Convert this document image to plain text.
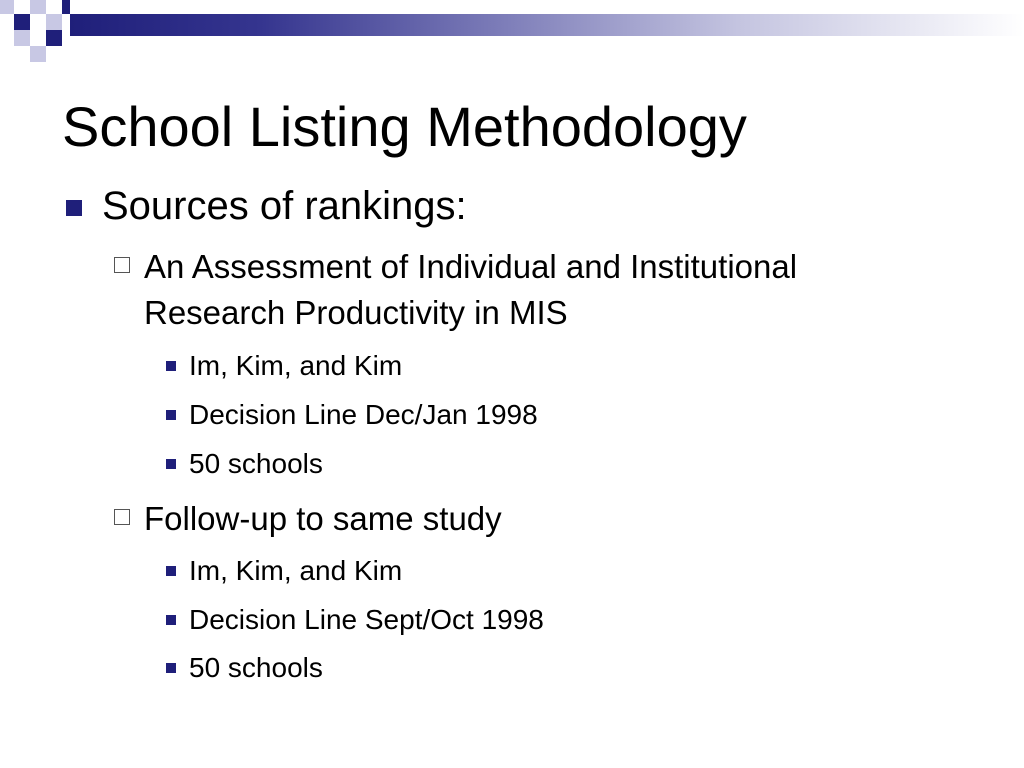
School Listing Methodology
Sources of rankings:
An Assessment of Individual and Institutional
Research Productivity in MIS
Im, Kim, and Kim
Decision Line Dec/Jan 1998
50 schools
Follow-up to same study
Im, Kim, and Kim
Decision Line Sept/Oct 1998
50 schools
